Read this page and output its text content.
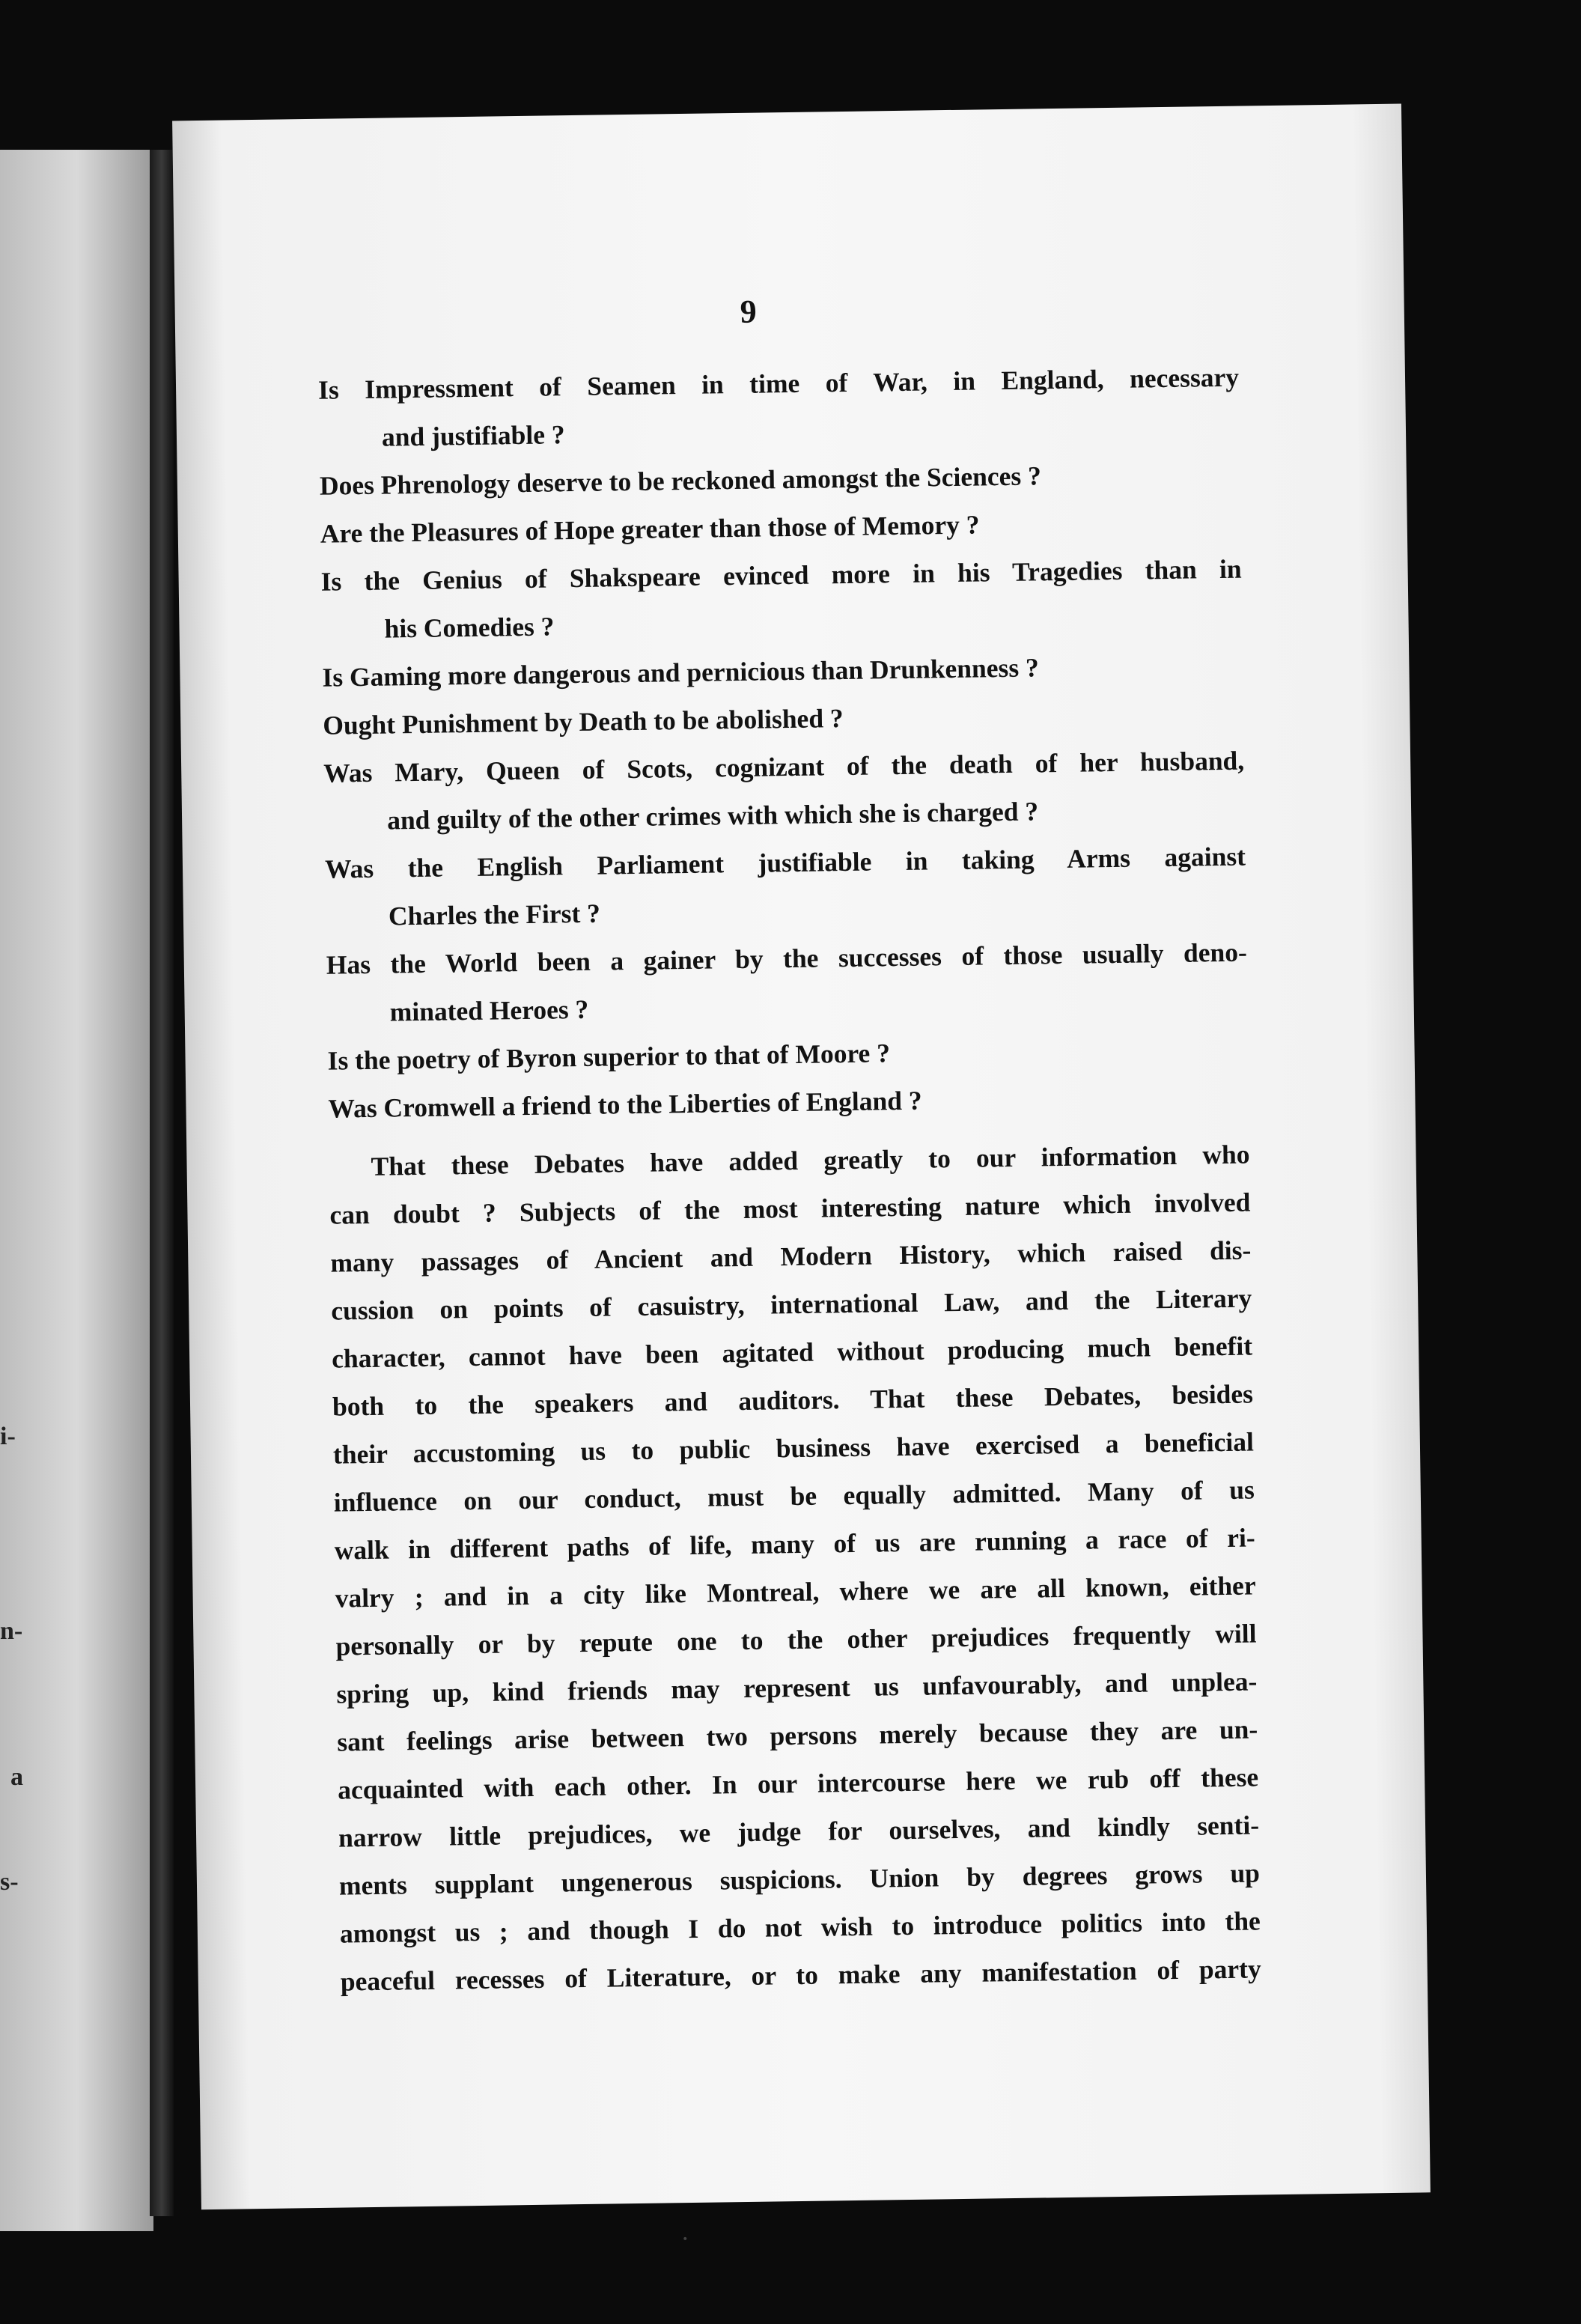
i-
n-
a
s-
9
Is Impressment of Seamen in time of War, in England, necessary
and justifiable ?
Does Phrenology deserve to be reckoned amongst the Sciences ?
Are the Pleasures of Hope greater than those of Memory ?
Is the Genius of Shakspeare evinced more in his Tragedies than in
his Comedies ?
Is Gaming more dangerous and pernicious than Drunkenness ?
Ought Punishment by Death to be abolished ?
Was Mary, Queen of Scots, cognizant of the death of her husband,
and guilty of the other crimes with which she is charged ?
Was the English Parliament justifiable in taking Arms against
Charles the First ?
Has the World been a gainer by the successes of those usually deno-
minated Heroes ?
Is the poetry of Byron superior to that of Moore ?
Was Cromwell a friend to the Liberties of England ?
That these Debates have added greatly to our information who
can doubt ? Subjects of the most interesting nature which involved
many passages of Ancient and Modern History, which raised dis-
cussion on points of casuistry, international Law, and the Literary
character, cannot have been agitated without producing much benefit
both to the speakers and auditors. That these Debates, besides
their accustoming us to public business have exercised a beneficial
influence on our conduct, must be equally admitted. Many of us
walk in different paths of life, many of us are running a race of ri-
valry ; and in a city like Montreal, where we are all known, either
personally or by repute one to the other prejudices frequently will
spring up, kind friends may represent us unfavourably, and unplea-
sant feelings arise between two persons merely because they are un-
acquainted with each other. In our intercourse here we rub off these
narrow little prejudices, we judge for ourselves, and kindly senti-
ments supplant ungenerous suspicions. Union by degrees grows up
amongst us ; and though I do not wish to introduce politics into the
peaceful recesses of Literature, or to make any manifestation of party
·
